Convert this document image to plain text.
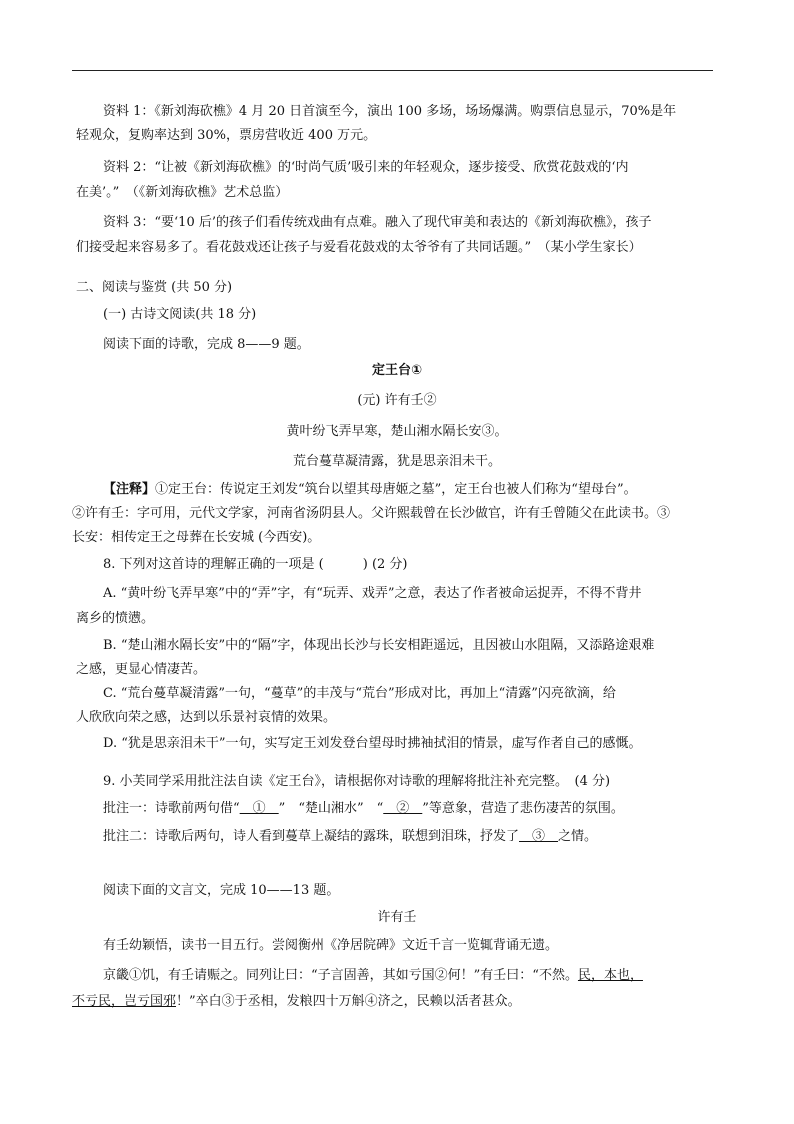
资料 1：《新刘海砍樵》4 月 20 日首演至今，演出 100 多场，场场爆满。购票信息显示，70%是年
轻观众，复购率达到 30%，票房营收近 400 万元。
资料 2：“让被《新刘海砍樵》的‘时尚气质’吸引来的年轻观众，逐步接受、欣赏花鼓戏的‘内
在美’。”　（《新刘海砍樵》艺术总监）
资料 3：“要‘10 后’的孩子们看传统戏曲有点难。融入了现代审美和表达的《新刘海砍樵》，孩子
们接受起来容易多了。看花鼓戏还让孩子与爱看花鼓戏的太爷爷有了共同话题。”　（某小学生家长）
二、阅读与鉴赏 (共 50 分)
(一) 古诗文阅读(共 18 分)
阅读下面的诗歌，完成 8——9 题。
定王台①
(元) 许有壬②
黄叶纷飞弄早寒，楚山湘水隔长安③。
荒台蔓草凝清露，犹是思亲泪未干。
【注释】①定王台：传说定王刘发“筑台以望其母唐姬之墓”，定王台也被人们称为“望母台”。
②许有壬：字可用，元代文学家，河南省汤阴县人。父许熙载曾在长沙做官，许有壬曾随父在此读书。③
长安：相传定王之母葬在长安城 (今西安)。
8. 下列对这首诗的理解正确的一项是 (　　　) (2 分)
A. “黄叶纷飞弄早寒”中的“弄”字，有“玩弄、戏弄”之意，表达了作者被命运捉弄，不得不背井
离乡的愤懑。
B. “楚山湘水隔长安”中的“隔”字，体现出长沙与长安相距遥远，且因被山水阻隔，又添路途艰难
之感，更显心情凄苦。
C. “荒台蔓草凝清露”一句，“蔓草”的丰茂与“荒台”形成对比，再加上“清露”闪亮欲滴，给
人欣欣向荣之感，达到以乐景衬哀情的效果。
D. “犹是思亲泪未干”一句，实写定王刘发登台望母时拂袖拭泪的情景，虚写作者自己的感慨。
9. 小芙同学采用批注法自读《定王台》，请根据你对诗歌的理解将批注补充完整。　(4 分)
批注一：诗歌前两句借“　①　”　“楚山湘水”　“　②　”等意象，营造了悲伤凄苦的氛围。
批注二：诗歌后两句，诗人看到蔓草上凝结的露珠，联想到泪珠，抒发了　③　之情。
阅读下面的文言文，完成 10——13 题。
许有壬
有壬幼颖悟，读书一目五行。尝阅衡州《净居院碑》文近千言一览辄背诵无遗。
京畿①饥，有壬请赈之。同列让曰：“子言固善，其如亏国②何！”有壬曰：“不然。民，本也，
不亏民，岂亏国邪！”卒白③于丞相，发粮四十万斛④济之，民赖以活者甚众。
